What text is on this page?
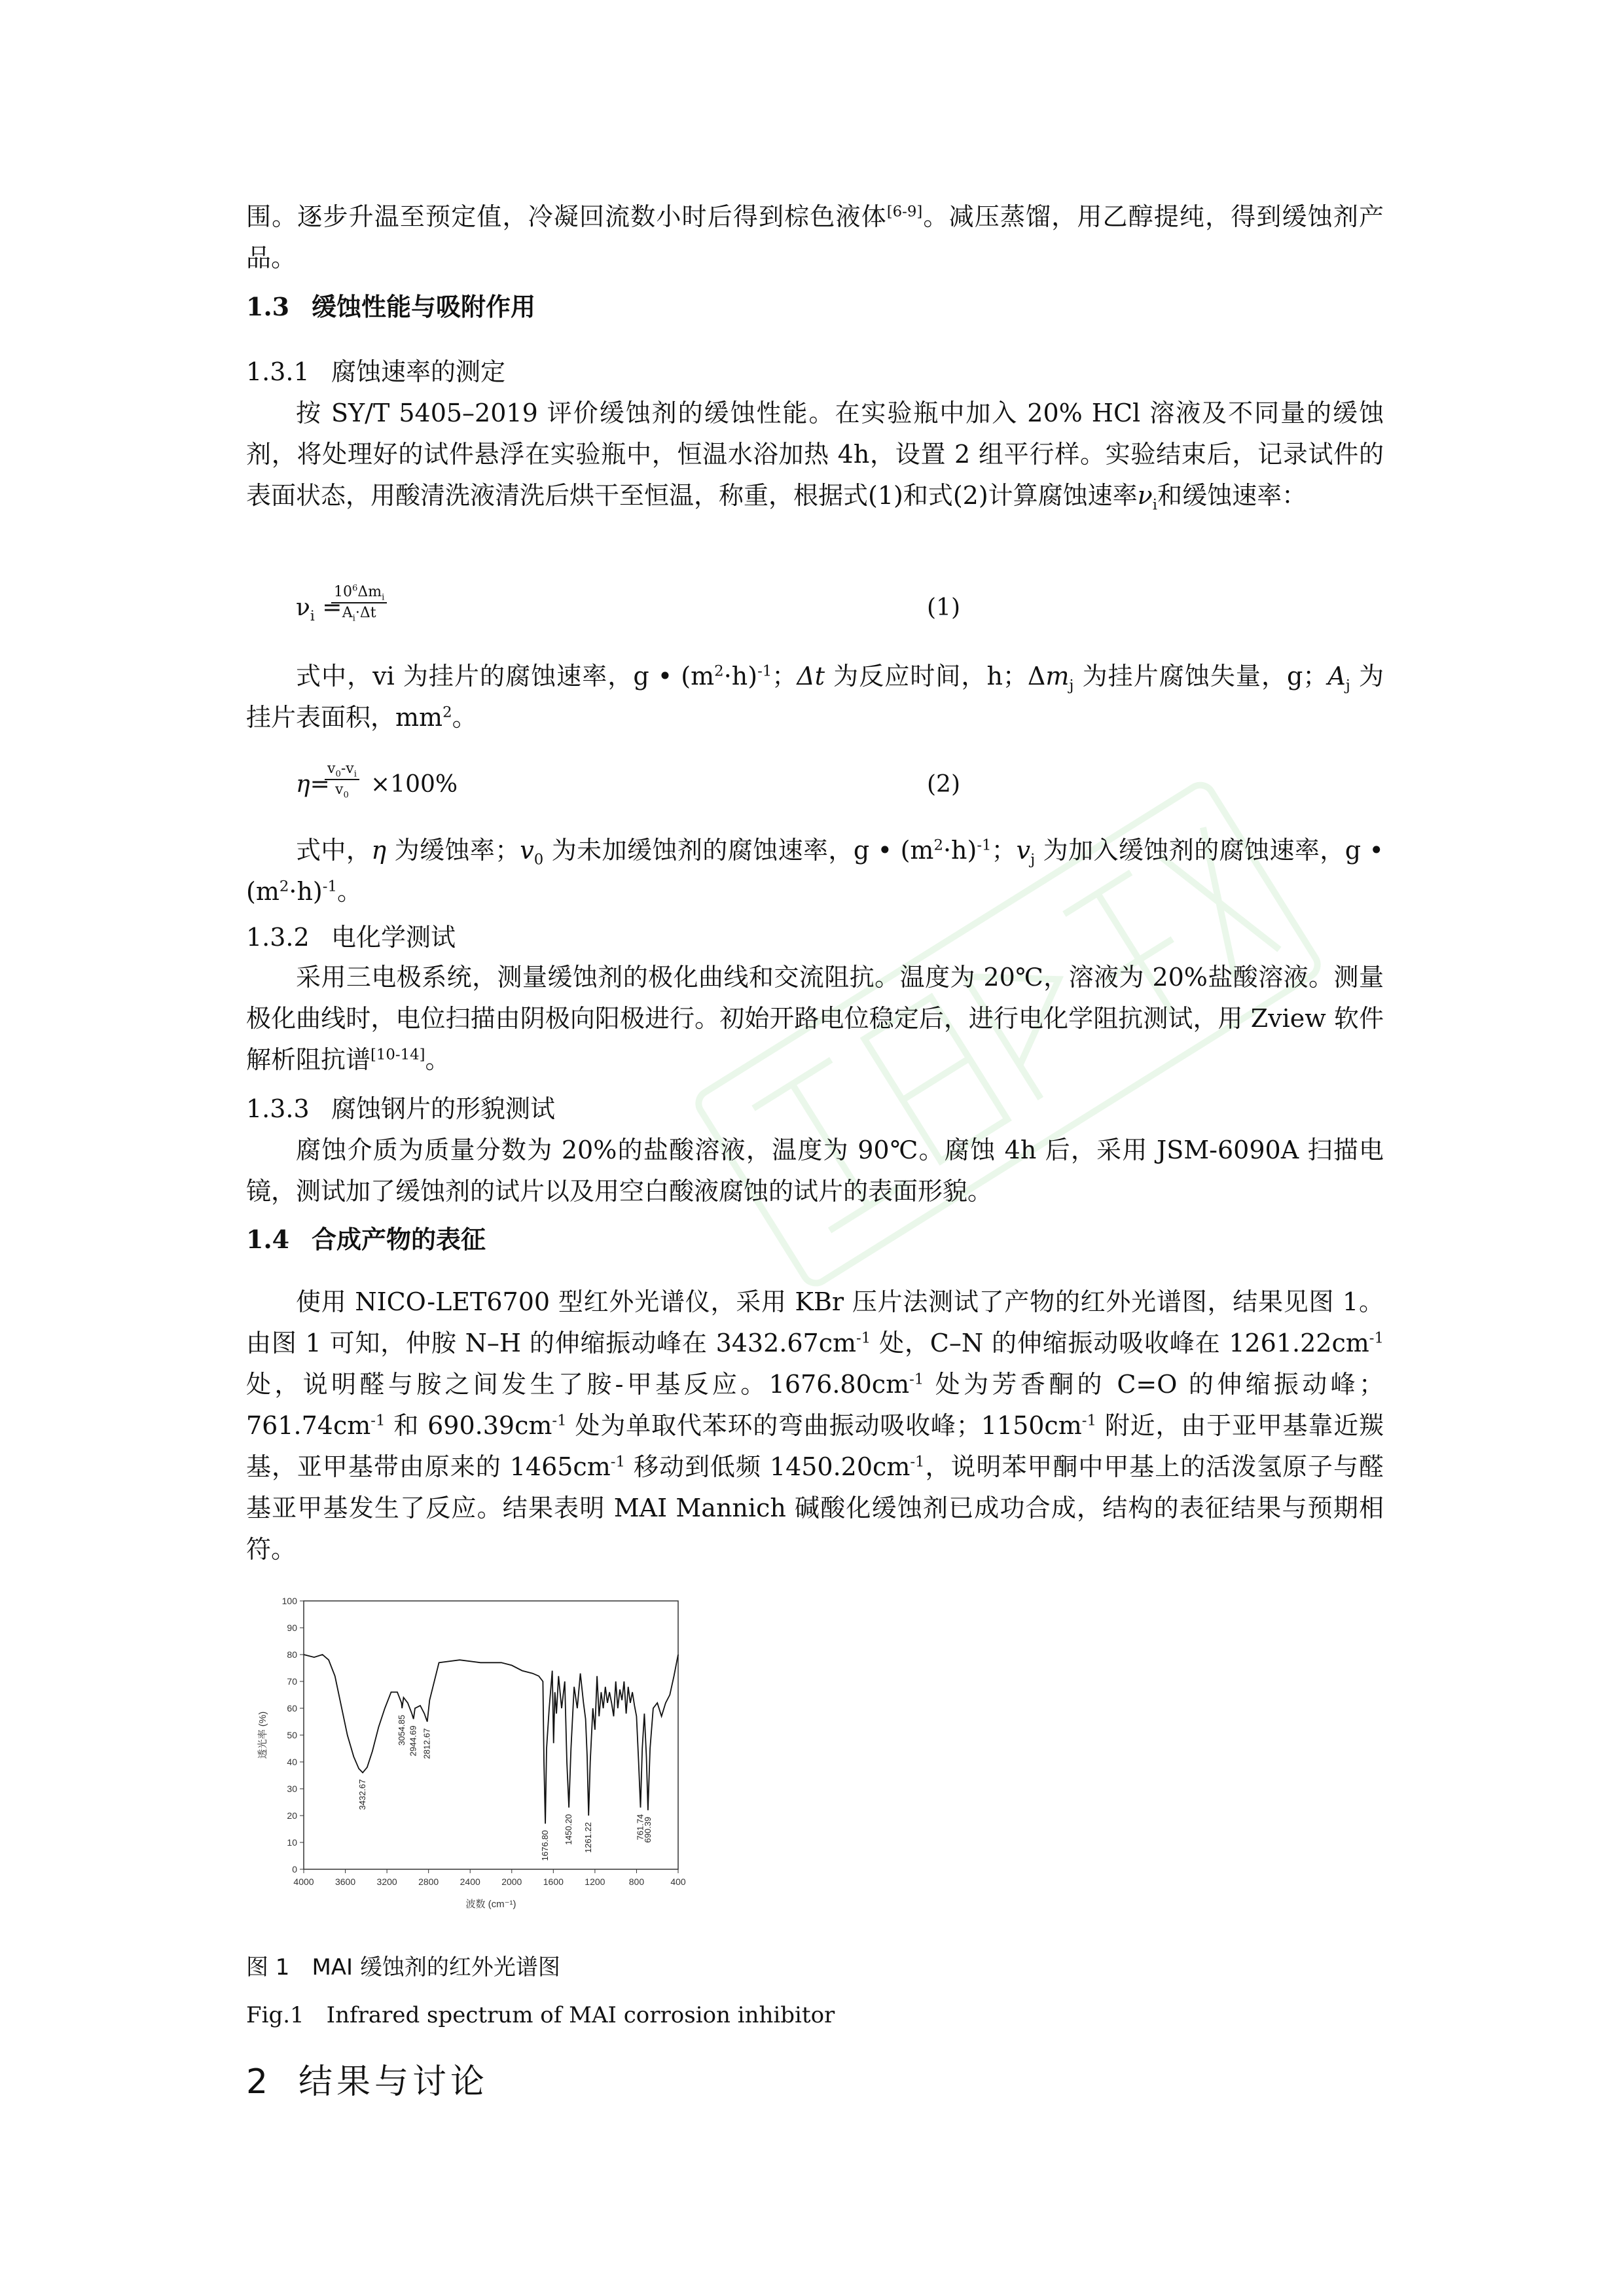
围。逐步升温至预定值，冷凝回流数小时后得到棕色液体[6-9]。减压蒸馏，用乙醇提纯，得到缓蚀剂产品。

1.3 缓蚀性能与吸附作用
1.3.1 腐蚀速率的测定

按 SY/T 5405–2019 评价缓蚀剂的缓蚀性能。在实验瓶中加入 20% HCl 溶液及不同量的缓蚀剂，将处理好的试件悬浮在实验瓶中，恒温水浴加热 4h，设置 2 组平行样。实验结束后，记录试件的表面状态，用酸清洗液清洗后烘干至恒温，称重，根据式(1)和式(2)计算腐蚀速率$\nu_i$和缓蚀速率：

$\nu_i$ =
$10^6\Delta m_i$
$A_i\cdot\Delta t$	(1)

式中，vi 为挂片的腐蚀速率，g • $(m^2\cdot h)^{-1}$；Δt 为反应时间，h；$\Delta m_j$ 为挂片腐蚀失量，g；$A_j$ 为挂片表面积，$mm^2$。

η=
$\frac{v_0-v_i}{v_0} \times 100\%$	(2)

式中，η 为缓蚀率；$v_0$ 为未加缓蚀剂的腐蚀速率，g • $(m^2\cdot h)^{-1}$；$v_j$ 为加入缓蚀剂的腐蚀速率，g • $(m^2\cdot h)^{-1}$。

1.3.2 电化学测试

采用三电极系统，测量缓蚀剂的极化曲线和交流阻抗。温度为 20℃，溶液为 20%盐酸溶液。测量极化曲线时，电位扫描由阴极向阳极进行。初始开路电位稳定后，进行电化学阻抗测试，用 Zview 软件解析阻抗谱[10-14]。

1.3.3 腐蚀钢片的形貌测试

腐蚀介质为质量分数为 20%的盐酸溶液，温度为 90℃。腐蚀 4h 后，采用 JSM-6090A 扫描电镜，测试加了缓蚀剂的试片以及用空白酸液腐蚀的试片的表面形貌。

1.4 合成产物的表征

使用 NICO-LET6700 型红外光谱仪，采用 KBr 压片法测试了产物的红外光谱图，结果见图 1。由图 1 可知，仲胺 N–H 的伸缩振动峰在 $3432.67cm^{-1}$ 处，C–N 的伸缩振动吸收峰在 $1261.22cm^{-1}$ 处，说明醛与胺之间发生了胺-甲基反应。$1676.80cm^{-1}$ 处为芳香酮的 C=O 的伸缩振动峰；$761.74cm^{-1}$ 和 $690.39cm^{-1}$ 处为单取代苯环的弯曲振动吸收峰；$1150cm^{-1}$ 附近，由于亚甲基靠近羰基，亚甲基带由原来的 $1465cm^{-1}$ 移动到低频 $1450.20cm^{-1}$，说明苯甲酮中甲基上的活泼氢原子与醛基亚甲基发生了反应。结果表明 MAI Mannich 碱酸化缓蚀剂已成功合成，结构的表征结果与预期相符。

0
10
20
30
40
50
60
70
80
90
100
4000 3600 3200 2800 2400 2000 1600 1200	800	400
波数 (cm⁻¹)
透光率 (%)
3432.67
3054.85 2944.69 2812.67
1676.80
1450.20 1261.22	761.74
690.39
图 1　MAI 缓蚀剂的红外光谱图
Fig.1　Infrared spectrum of MAI corrosion inhibitor
2 结果与讨论
